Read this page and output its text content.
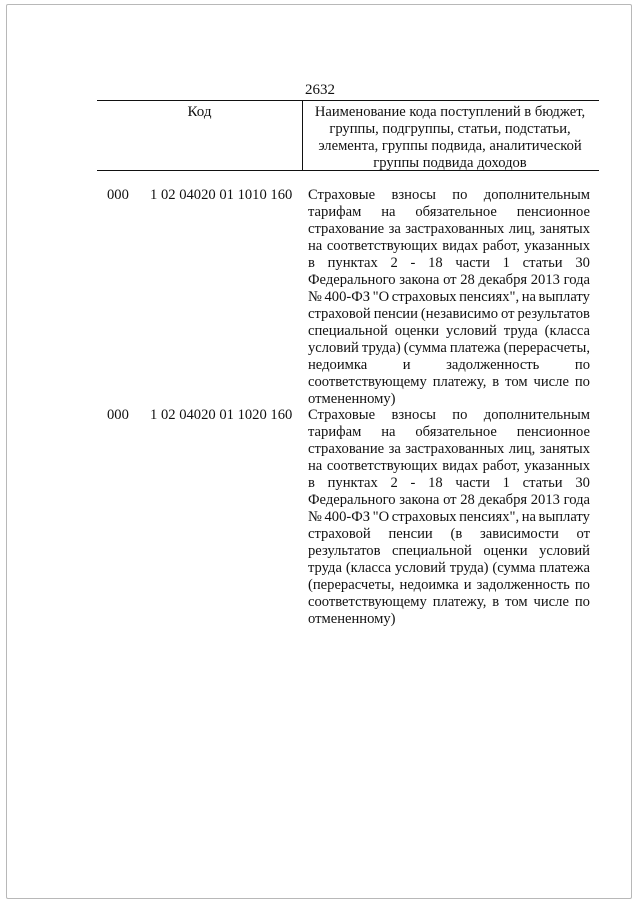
2632
Код	Наименование кода поступлений в бюджет,
группы, подгруппы, статьи, подстатьи,
элемента, группы подвида, аналитической
группы подвида доходов
000 1 02 04020 01 1010 160 Страховые взносы по дополнительным
тарифам на обязательное пенсионное
страхование за застрахованных лиц, занятых
на соответствующих видах работ, указанных
в пунктах 2 - 18 части 1 статьи 30
Федерального закона от 28 декабря 2013 года
№ 400-ФЗ "О страховых пенсиях", на выплату
страховой пенсии (независимо от результатов
специальной оценки условий труда (класса
условий труда) (сумма платежа (перерасчеты,
недоимка и задолженность по
соответствующему платежу, в том числе по
отмененному)
000 1 02 04020 01 1020 160 Страховые взносы по дополнительным
тарифам на обязательное пенсионное
страхование за застрахованных лиц, занятых
на соответствующих видах работ, указанных
в пунктах 2 - 18 части 1 статьи 30
Федерального закона от 28 декабря 2013 года
№ 400-ФЗ "О страховых пенсиях", на выплату
страховой пенсии (в зависимости от
результатов специальной оценки условий
труда (класса условий труда) (сумма платежа
(перерасчеты, недоимка и задолженность по
соответствующему платежу, в том числе по
отмененному)
